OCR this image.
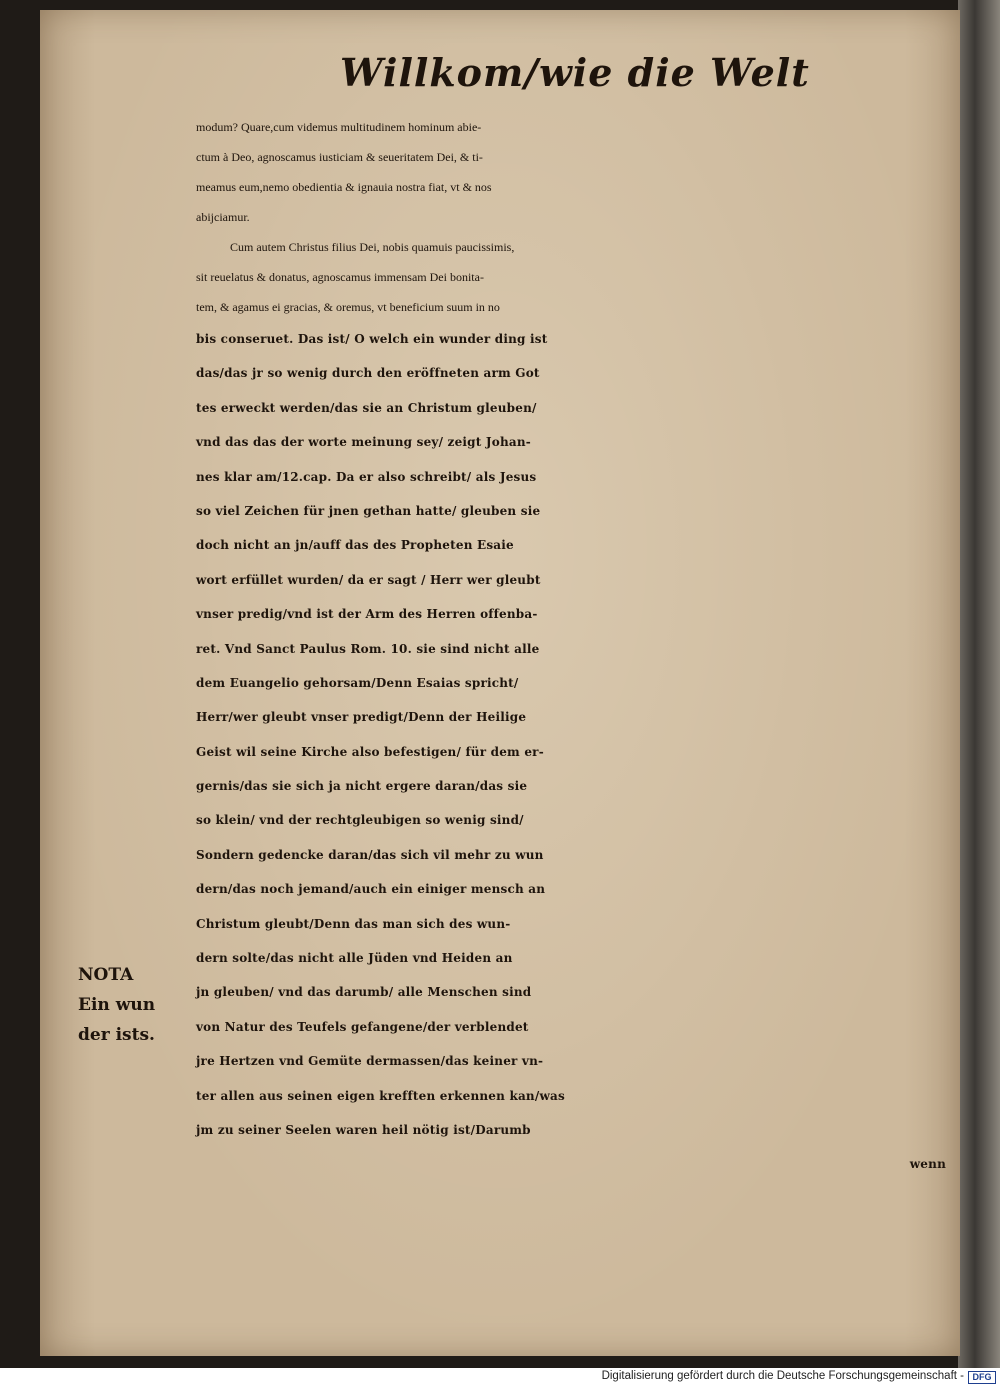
Willkom/wie die Welt
modum? Quare,cum videmus multitudinem hominum abie-
ctum à Deo, agnoscamus iusticiam & seueritatem Dei, & ti-
meamus eum,nemo obedientia & ignauia nostra fiat, vt & nos
abijciamur.
Cum autem Christus filius Dei, nobis quamuis paucissimis,
sit reuelatus & donatus, agnoscamus immensam Dei bonita-
tem, & agamus ei gracias, & oremus, vt beneficium suum in no
bis conseruet. Das ist/ O welch ein wunder ding ist
das/das jr so wenig durch den eröffneten arm Got
tes erweckt werden/das sie an Christum gleuben/
vnd das das der worte meinung sey/ zeigt Johan-
nes klar am/12.cap. Da er also schreibt/ als Jesus
so viel Zeichen für jnen gethan hatte/ gleuben sie
doch nicht an jn/auff das des Propheten Esaie
wort erfüllet wurden/ da er sagt / Herr wer gleubt
vnser predig/vnd ist der Arm des Herren offenba-
ret. Vnd Sanct Paulus Rom. 10. sie sind nicht alle
dem Euangelio gehorsam/Denn Esaias spricht/
Herr/wer gleubt vnser predigt/Denn der Heilige
Geist wil seine Kirche also befestigen/ für dem er-
gernis/das sie sich ja nicht ergere daran/das sie
so klein/ vnd der rechtgleubigen so wenig sind/
Sondern gedencke daran/das sich vil mehr zu wun
dern/das noch jemand/auch ein einiger mensch an
Christum gleubt/Denn das man sich des wun-
dern solte/das nicht alle Jüden vnd Heiden an
jn gleuben/ vnd das darumb/ alle Menschen sind
von Natur des Teufels gefangene/der verblendet
jre Hertzen vnd Gemüte dermassen/das keiner vn-
ter allen aus seinen eigen krefften erkennen kan/was
jm zu seiner Seelen waren heil nötig ist/Darumb
wenn
NOTA
Ein wun
der ists.
Digitalisierung gefördert durch die Deutsche Forschungsgemeinschaft - DFG
